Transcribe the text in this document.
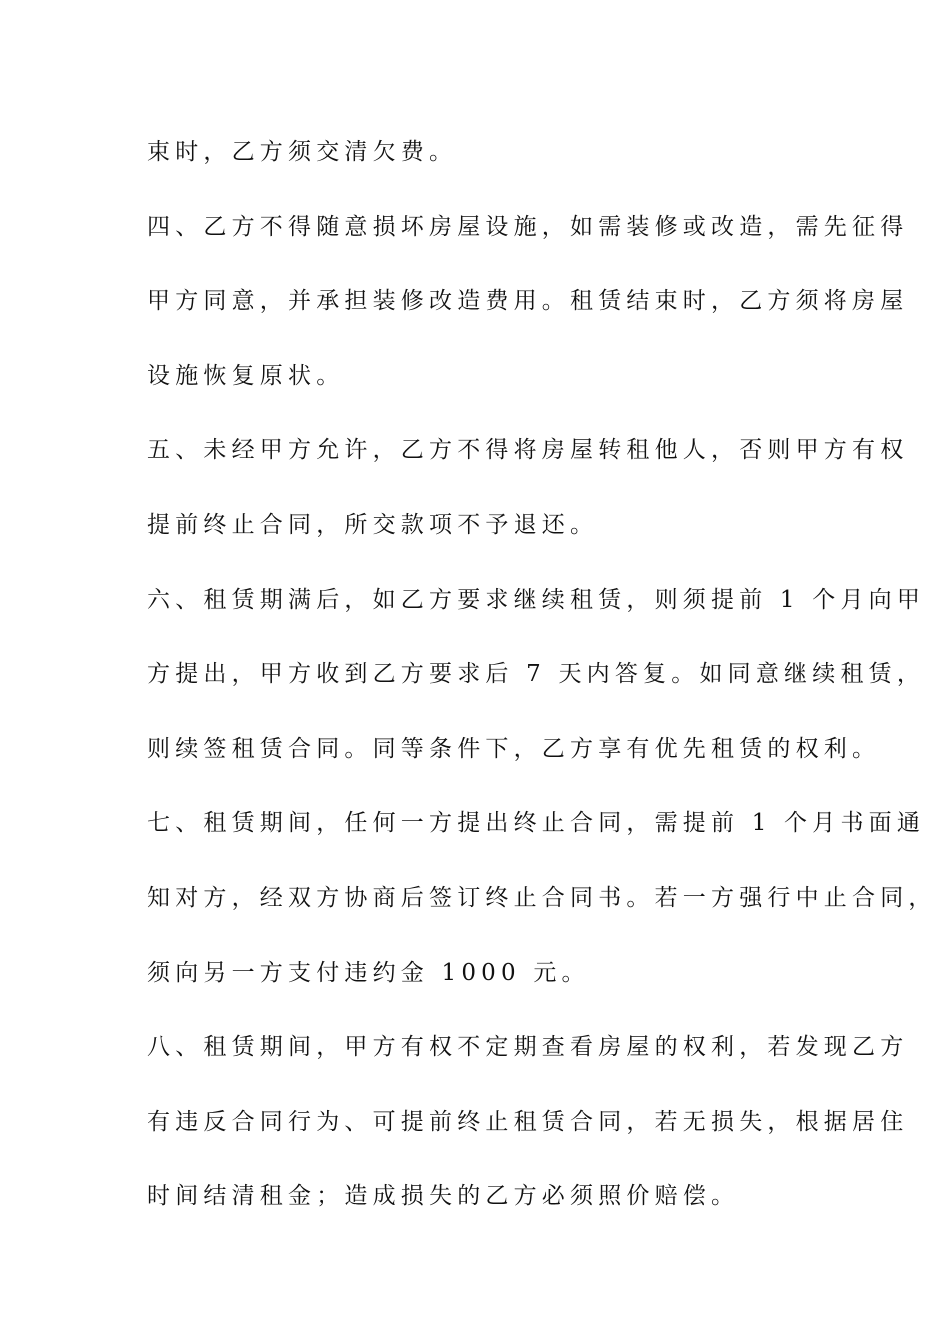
束时，乙方须交清欠费。
四、乙方不得随意损坏房屋设施，如需装修或改造，需先征得
甲方同意，并承担装修改造费用。租赁结束时，乙方须将房屋
设施恢复原状。
五、未经甲方允许，乙方不得将房屋转租他人，否则甲方有权
提前终止合同，所交款项不予退还。
六、租赁期满后，如乙方要求继续租赁，则须提前 1 个月向甲
方提出，甲方收到乙方要求后 7 天内答复。如同意继续租赁，
则续签租赁合同。同等条件下，乙方享有优先租赁的权利。
七、租赁期间，任何一方提出终止合同，需提前 1 个月书面通
知对方，经双方协商后签订终止合同书。若一方强行中止合同，
须向另一方支付违约金 1000 元。
八、租赁期间，甲方有权不定期查看房屋的权利，若发现乙方
有违反合同行为、可提前终止租赁合同，若无损失，根据居住
时间结清租金；造成损失的乙方必须照价赔偿。
